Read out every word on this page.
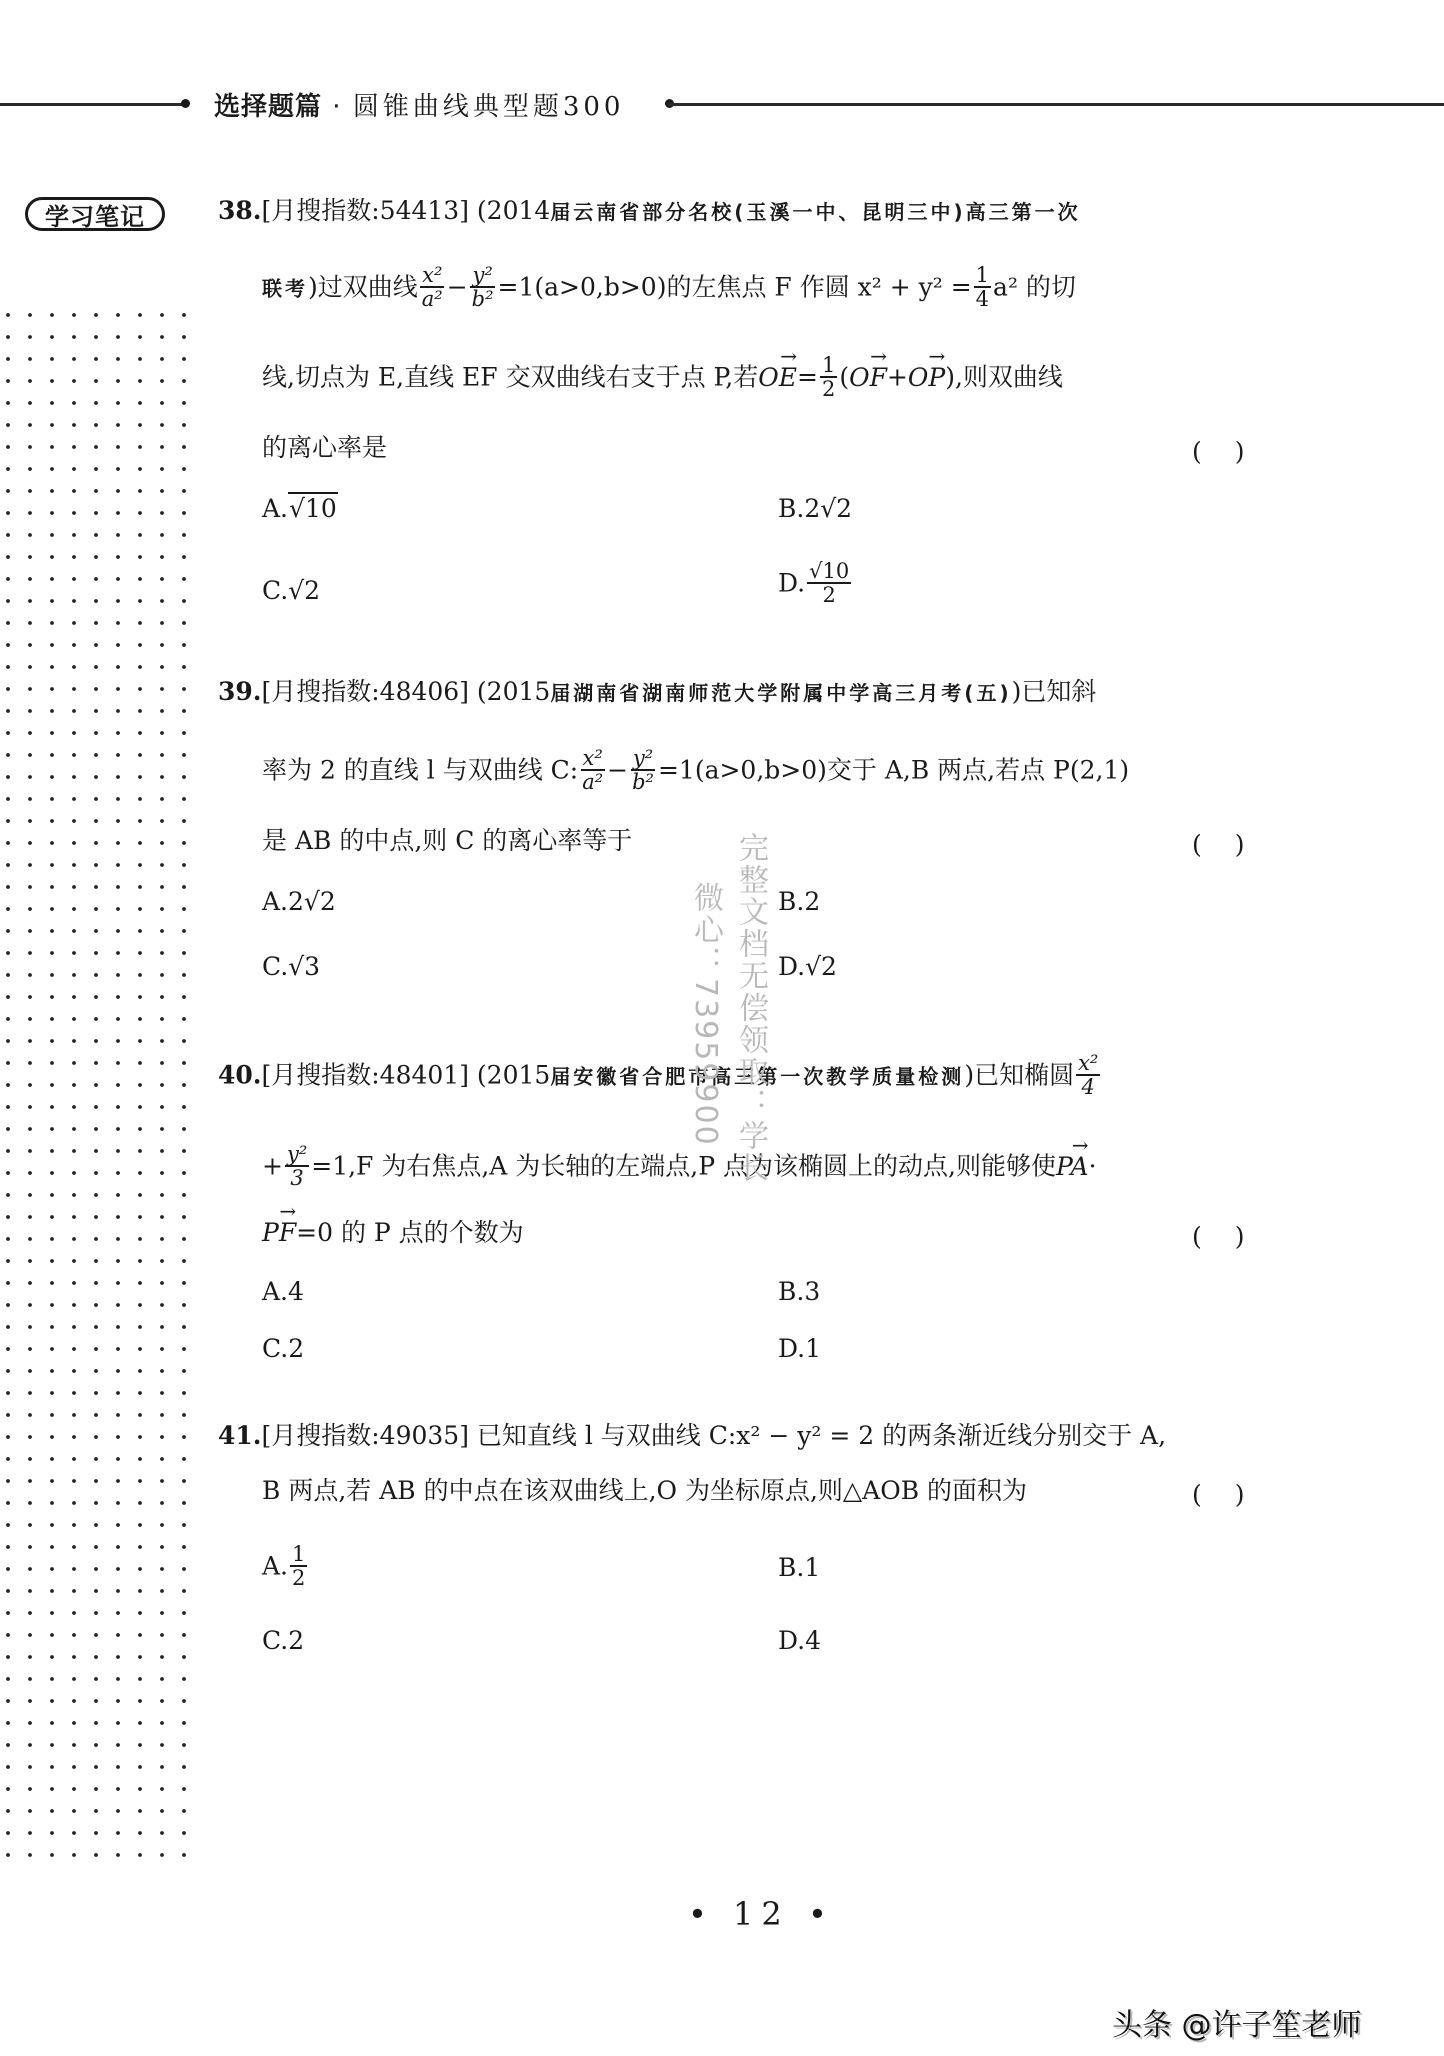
选择题篇 · 圆锥曲线典型题300
学习笔记	38.[月搜指数:54413] (2014届云南省部分名校(玉溪一中、昆明三中)高三第一次
联考)过双曲线 $\frac{\text{x²}}{\text{a²}} - \frac{\text{y²}}{\text{b²}} =1(a>0,b>0)$的左焦点 F 作圆 $x^2 + y^2 = \frac{1}{4} a^2$ 的切
线,切点为 E,直线 EF 交双曲线右支于点 P,若→ $OE= \frac{1}{2}$ (→ OF+→ OP),则双曲线
的离心率是	(　 )
A.√10	B.2√2
C.√2	D. $\frac{√10}{2}$
39.[月搜指数:48406] (2015届湖南省湖南师范大学附属中学高三月考(五))已知斜
率为 2 的直线 l 与双曲线 C: $\frac{\text{x²}}{\text{a²}} - \frac{\text{y²}}{\text{b²}} =1(a>0,b>0)$交于 A,B 两点,若点 P(2,1)
是 AB 的中点,则 C 的离心率等于	(　 )
A.2√2	B.2
C.√3	D.√2
40.[月搜指数:48401] (2015届安徽省合肥市高三第一次教学质量检测)已知椭圆 $\frac{\text{x²}}{4}$
+ $\frac{\text{y²}}{3} =1,F$ 为右焦点,A 为长轴的左端点,P 点为该椭圆上的动点,则能够使→ PA·
→ PF=0 的 P 点的个数为	(　 )
A.4	B.3
C.2	D.1
41.[月搜指数:49035] 已知直线 l 与双曲线 C:x² − y² = 2 的两条渐近线分别交于 A,
B 两点,若 AB 的中点在该双曲线上,O 为坐标原点,则△AOB 的面积为	(　 )
A. $\frac{1}{2}$	B.1
C.2	D.4
完整文档无偿领取：学长
微心：73959900
• 12 •
头条 @许子笙老师
